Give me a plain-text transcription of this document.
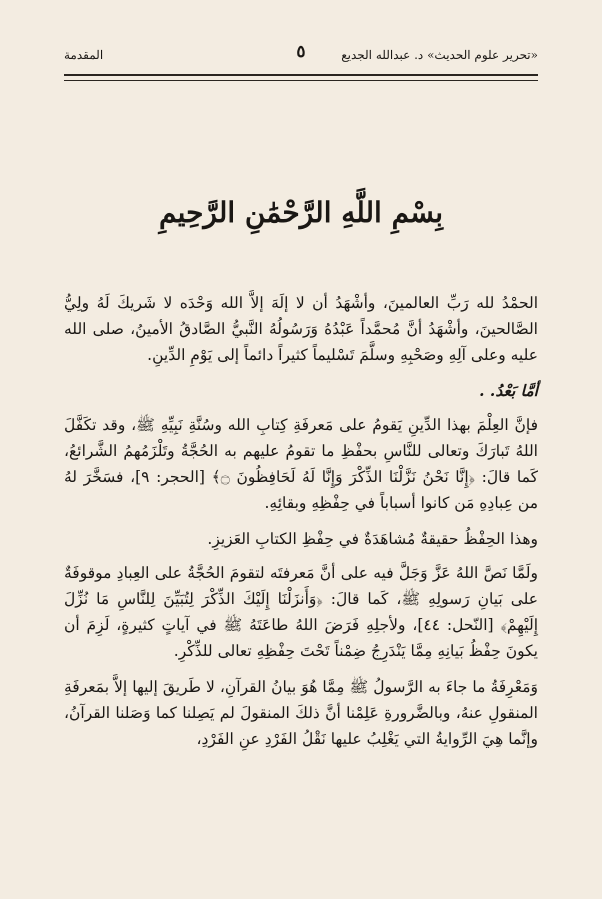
«تحرير علوم الحديث» د. عبدالله الجديع
٥
المقدمة
بِسْمِ اللَّهِ الرَّحْمَٰنِ الرَّحِيمِ

الحمْدُ لله رَبِّ العالمينَ، وأشْهَدُ أن لا إلَهَ إلاَّ الله وَحْدَه لا شَريكَ لَهُ ولِيُّ الصَّالحينَ، وأشْهَدُ أنَّ مُحمَّداً عَبْدُهُ وَرَسُولُهُ النَّبيُّ الصَّادقُ الأمينُ، صلى الله عليه وعلى آلِهِ وصَحْبِهِ وسلَّمَ تَسْليماً كثيراً دائماً إلى يَوْمِ الدِّينِ.

أمَّا بَعْدُ. .

فإنَّ العِلْمَ بهذا الدِّينِ يَقومُ على مَعرفَةِ كِتابِ الله وسُنَّةِ نَبِيِّهِ ﷺ، وقد تكَفَّلَ اللهُ تَبارَكَ وتعالى للنَّاسِ بحفْظِ ما تقومُ عليهم به الحُجَّةُ وتَلْزَمُهمُ الشَّرائعُ، كَما قالَ: ﴿إِنَّا نَحْنُ نَزَّلْنَا الذِّكْرَ وَإِنَّا لَهُ لَحَافِظُونَ ۝﴾ [الحجر: ٩]، فسَخَّرَ لهُ من عِبادِهِ مَن كانوا أسباباً في حِفْظِهِ وبقائِهِ.

وهذا الحِفْظُ حقيقةٌ مُشاهَدَةٌ في حِفْظِ الكتابِ العَزيزِ.

ولَمَّا نَصَّ اللهُ عَزَّ وَجَلَّ فيه على أنَّ مَعرفتَه لتقومَ الحُجَّةُ على العِبادِ موقوفَةٌ على بَيانِ رَسولِهِ ﷺ، كَما قالَ: ﴿وَأَنزَلْنَا إِلَيْكَ الذِّكْرَ لِتُبَيِّنَ لِلنَّاسِ مَا نُزِّلَ إِلَيْهِمْ﴾ [النّحل: ٤٤]، ولأجلِهِ فَرَضَ اللهُ طاعَتَهُ ﷺ في آياتٍ كثيرةٍ، لَزِمَ أن يكونَ حِفْظُ بَيانِهِ مِمَّا يَنْدَرِجُ ضِمْناً تَحْتَ حِفْظِهِ تعالى للذِّكْرِ.

وَمَعْرِفَةُ ما جاءَ به الرَّسولُ ﷺ مِمَّا هُوَ بيانُ القرآنِ، لا طَريقَ إليها إلاَّ بمَعرفَةِ المنقولِ عنهُ، وبالضَّرورةِ عَلِمْنا أنَّ ذلكَ المنقولَ لم يَصِلنا كما وَصَلنا القرآنُ، وإنَّما هِيَ الرِّوايةُ التي يَغْلِبُ عليها نَقْلُ الفَرْدِ عنِ الفَرْدِ،
